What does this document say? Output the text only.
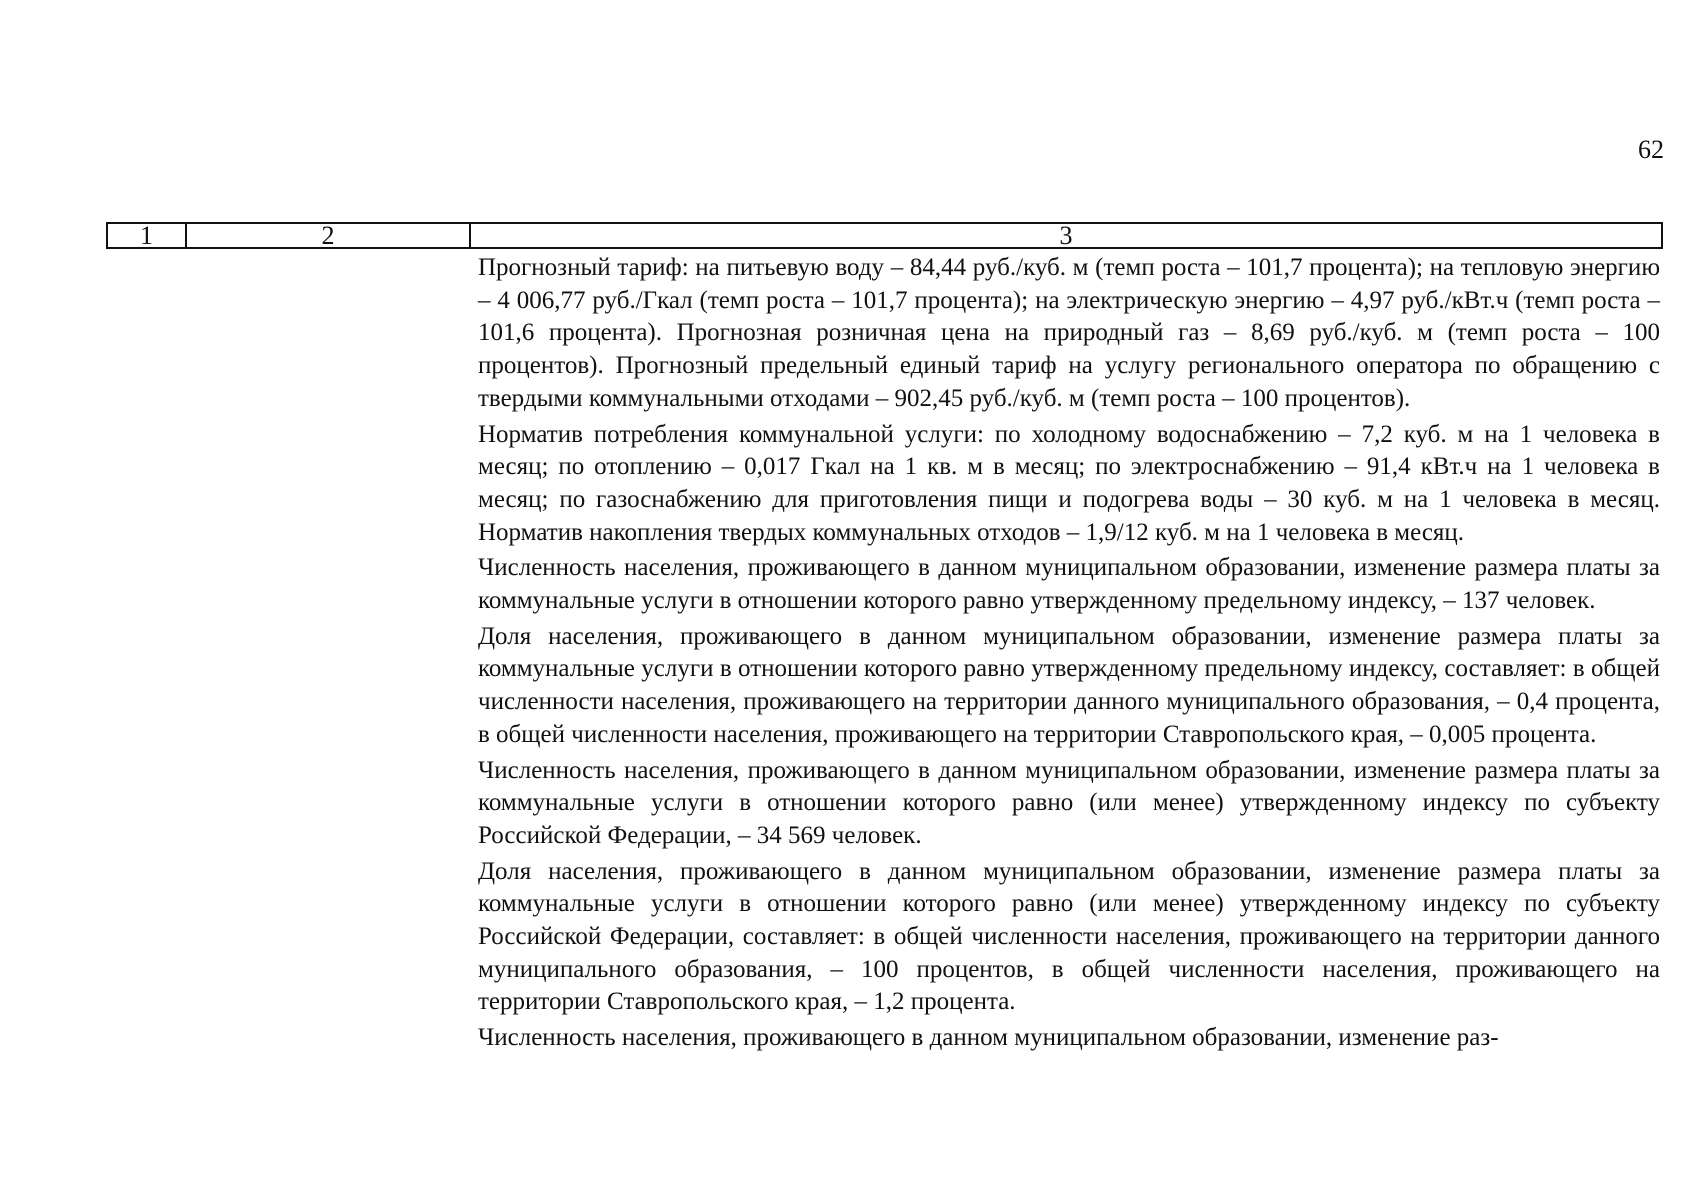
62
1	2	3

Прогнозный тариф: на питьевую воду – 84,44 руб./куб. м (темп роста – 101,7 процента); на тепловую энергию – 4 006,77 руб./Гкал (темп роста – 101,7 процента); на электрическую энергию – 4,97 руб./кВт.ч (темп роста – 101,6 процента). Прогнозная розничная цена на природный газ – 8,69 руб./куб. м (темп роста – 100 процентов). Прогнозный предельный единый тариф на услугу регионального оператора по обращению с твердыми коммунальными отходами – 902,45 руб./куб. м (темп роста – 100 процентов).

Норматив потребления коммунальной услуги: по холодному водоснабжению – 7,2 куб. м на 1 человека в месяц; по отоплению – 0,017 Гкал на 1 кв. м в месяц; по электроснабжению – 91,4 кВт.ч на 1 человека в месяц; по газоснабжению для приготовления пищи и подогрева воды – 30 куб. м на 1 человека в месяц. Норматив накопления твердых коммунальных отходов – 1,9/12 куб. м на 1 человека в месяц.

Численность населения, проживающего в данном муниципальном образовании, изменение размера платы за коммунальные услуги в отношении которого равно утвержденному предельному индексу, – 137 человек.

Доля населения, проживающего в данном муниципальном образовании, изменение размера платы за коммунальные услуги в отношении которого равно утвержденному предельному индексу, составляет: в общей численности населения, проживающего на территории данного муниципального образования, – 0,4 процента, в общей численности населения, проживающего на территории Ставропольского края, – 0,005 процента.

Численность населения, проживающего в данном муниципальном образовании, изменение размера платы за коммунальные услуги в отношении которого равно (или менее) утвержденному индексу по субъекту Российской Федерации, – 34 569 человек.

Доля населения, проживающего в данном муниципальном образовании, изменение размера платы за коммунальные услуги в отношении которого равно (или менее) утвержденному индексу по субъекту Российской Федерации, составляет: в общей численности населения, проживающего на территории данного муниципального образования, – 100 процентов, в общей численности населения, проживающего на территории Ставропольского края, – 1,2 процента.

Численность населения, проживающего в данном муниципальном образовании, изменение раз-
